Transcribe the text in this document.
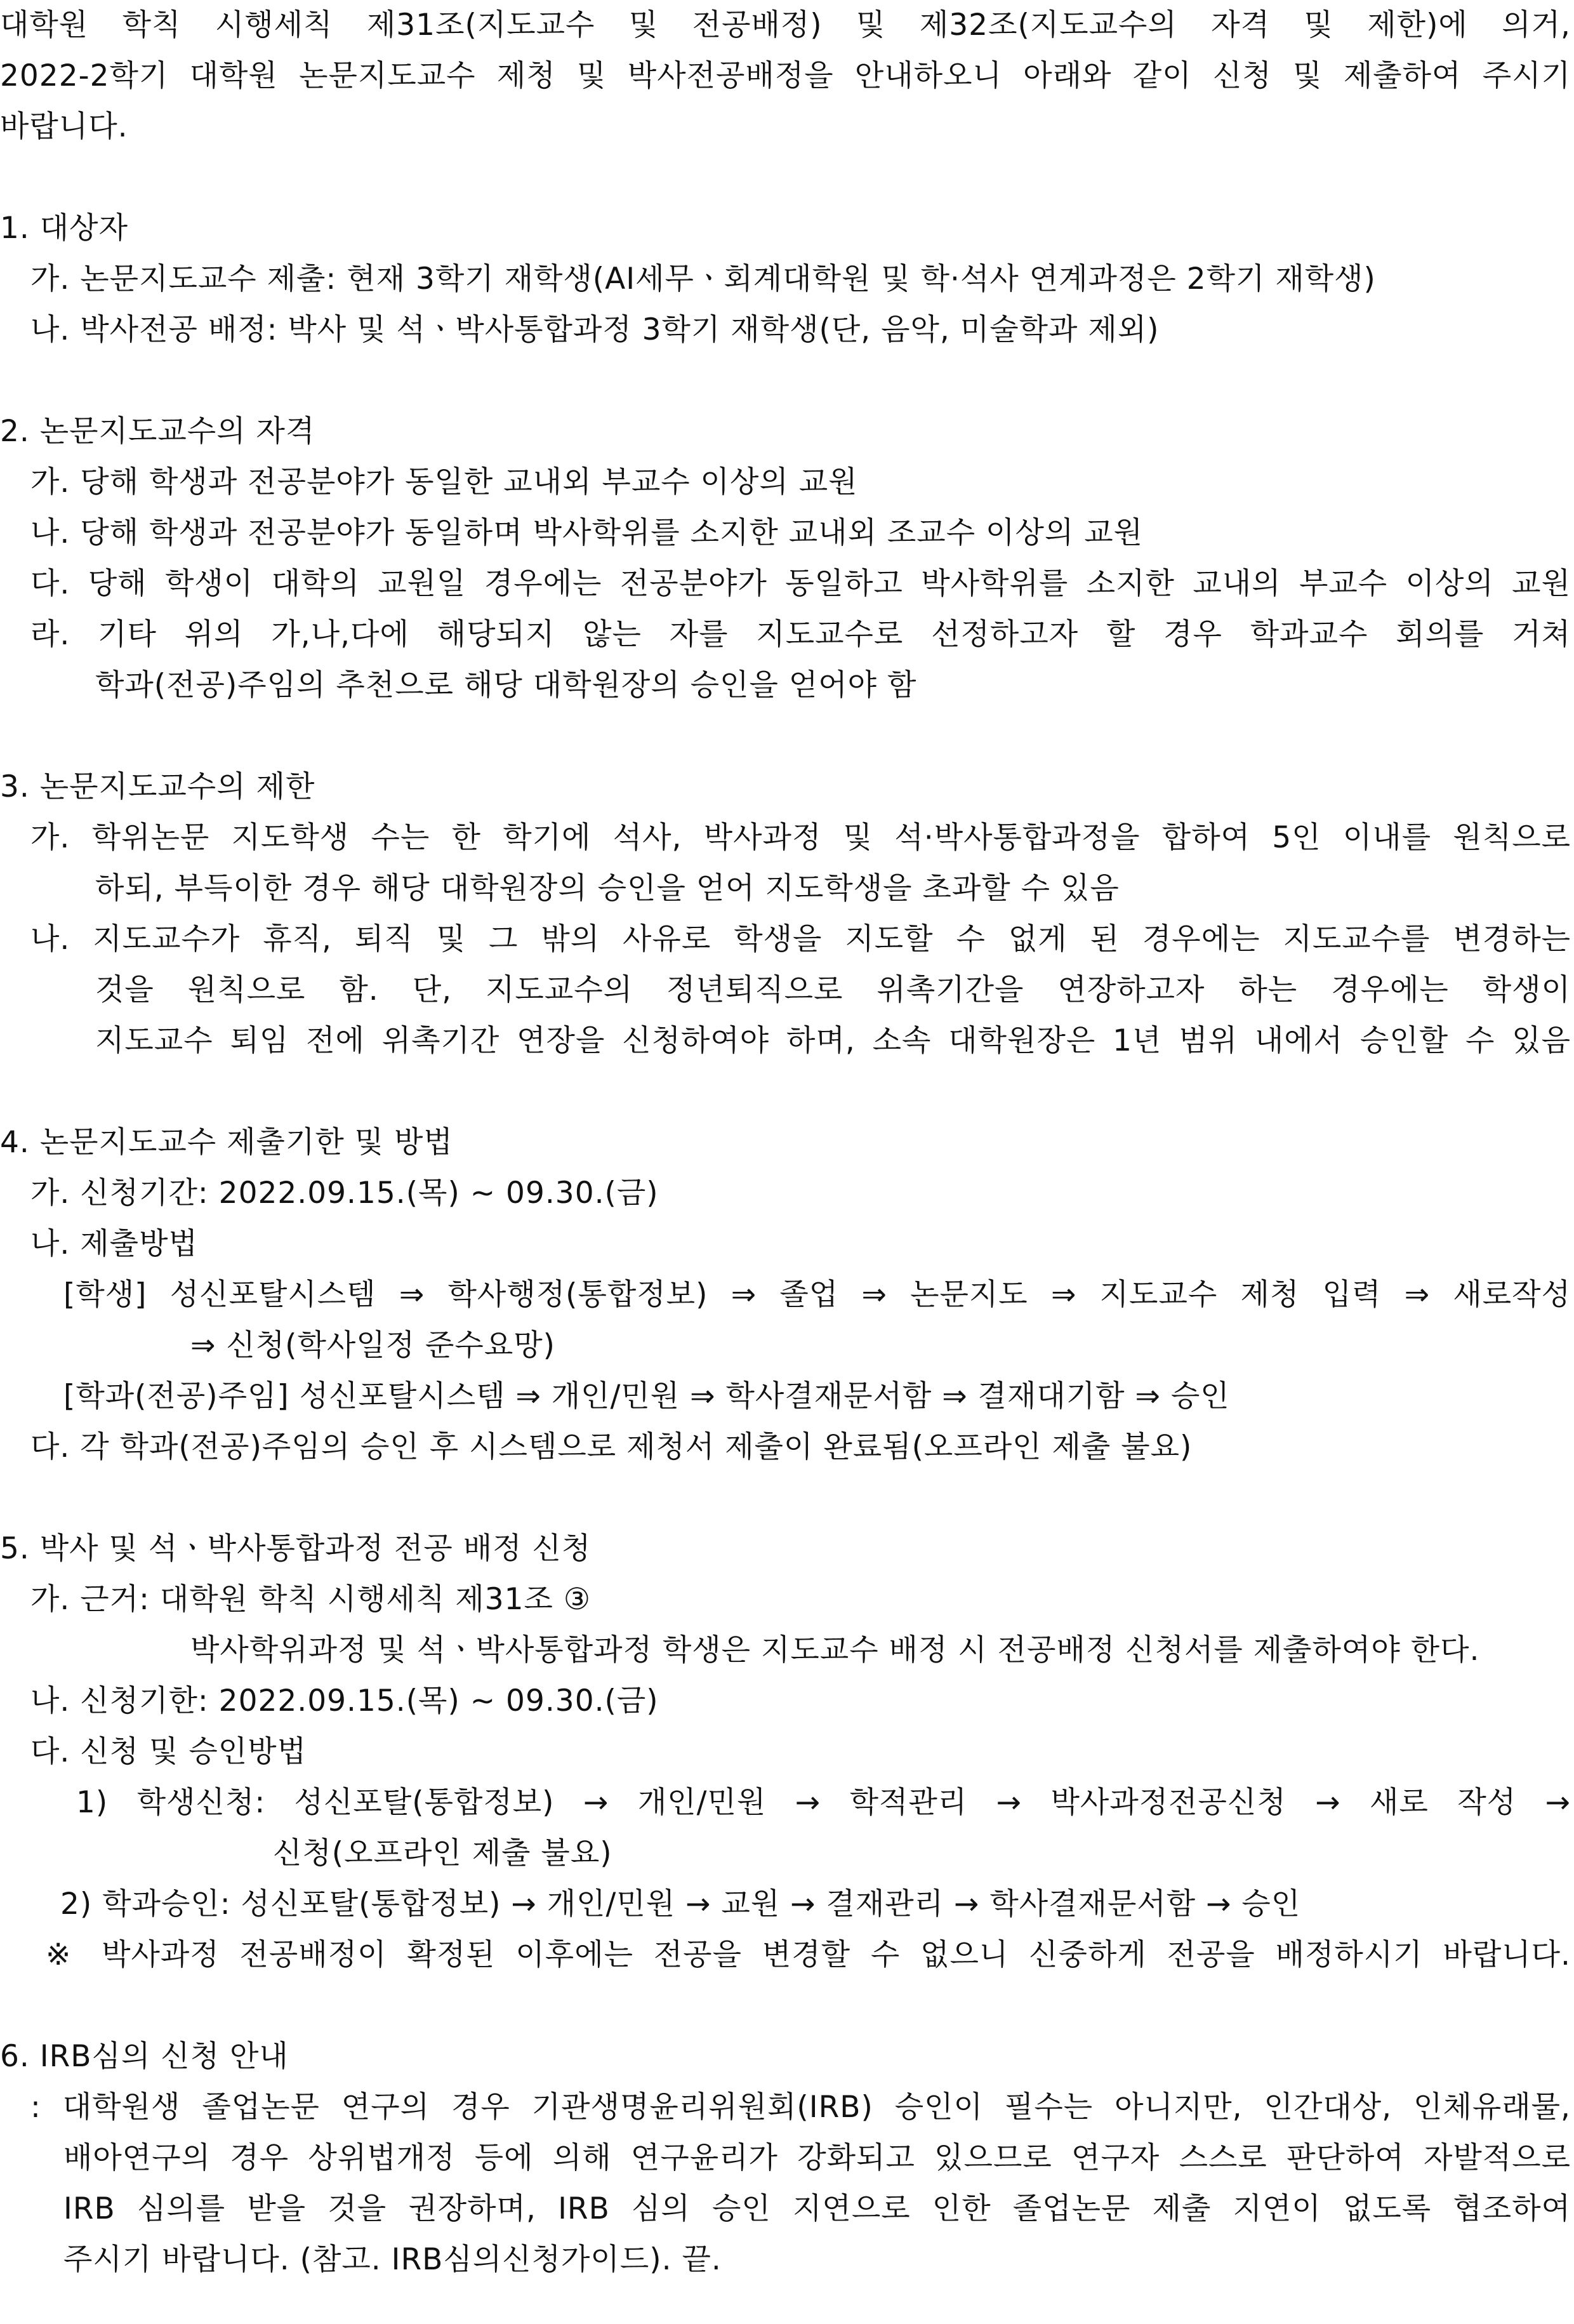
대학원 학칙 시행세칙 제31조(지도교수 및 전공배정) 및 제32조(지도교수의 자격 및 제한)에 의거,
2022-2학기 대학원 논문지도교수 제청 및 박사전공배정을 안내하오니 아래와 같이 신청 및 제출하여 주시기
바랍니다.
1. 대상자
가. 논문지도교수 제출: 현재 3학기 재학생(AI세무ㆍ회계대학원 및 학·석사 연계과정은 2학기 재학생)
나. 박사전공 배정: 박사 및 석ㆍ박사통합과정 3학기 재학생(단, 음악, 미술학과 제외)
2. 논문지도교수의 자격
가. 당해 학생과 전공분야가 동일한 교내외 부교수 이상의 교원
나. 당해 학생과 전공분야가 동일하며 박사학위를 소지한 교내외 조교수 이상의 교원
다. 당해 학생이 대학의 교원일 경우에는 전공분야가 동일하고 박사학위를 소지한 교내의 부교수 이상의 교원
라. 기타 위의 가,나,다에 해당되지 않는 자를 지도교수로 선정하고자 할 경우 학과교수 회의를 거쳐
학과(전공)주임의 추천으로 해당 대학원장의 승인을 얻어야 함
3. 논문지도교수의 제한
가. 학위논문 지도학생 수는 한 학기에 석사, 박사과정 및 석·박사통합과정을 합하여 5인 이내를 원칙으로
하되, 부득이한 경우 해당 대학원장의 승인을 얻어 지도학생을 초과할 수 있음
나. 지도교수가 휴직, 퇴직 및 그 밖의 사유로 학생을 지도할 수 없게 된 경우에는 지도교수를 변경하는
것을 원칙으로 함. 단, 지도교수의 정년퇴직으로 위촉기간을 연장하고자 하는 경우에는 학생이
지도교수 퇴임 전에 위촉기간 연장을 신청하여야 하며, 소속 대학원장은 1년 범위 내에서 승인할 수 있음
4. 논문지도교수 제출기한 및 방법
가. 신청기간: 2022.09.15.(목) ~ 09.30.(금)
나. 제출방법
[학생] 성신포탈시스템 ⇒ 학사행정(통합정보) ⇒ 졸업 ⇒ 논문지도 ⇒ 지도교수 제청 입력 ⇒ 새로작성
⇒ 신청(학사일정 준수요망)
[학과(전공)주임] 성신포탈시스템 ⇒ 개인/민원 ⇒ 학사결재문서함 ⇒ 결재대기함 ⇒ 승인
다. 각 학과(전공)주임의 승인 후 시스템으로 제청서 제출이 완료됨(오프라인 제출 불요)
5. 박사 및 석ㆍ박사통합과정 전공 배정 신청
가. 근거: 대학원 학칙 시행세칙 제31조 ③
박사학위과정 및 석ㆍ박사통합과정 학생은 지도교수 배정 시 전공배정 신청서를 제출하여야 한다.
나. 신청기한: 2022.09.15.(목) ~ 09.30.(금)
다. 신청 및 승인방법
1) 학생신청: 성신포탈(통합정보) → 개인/민원 → 학적관리 → 박사과정전공신청 → 새로 작성 →
신청(오프라인 제출 불요)
2) 학과승인: 성신포탈(통합정보) → 개인/민원 → 교원 → 결재관리 → 학사결재문서함 → 승인
※ 박사과정 전공배정이 확정된 이후에는 전공을 변경할 수 없으니 신중하게 전공을 배정하시기 바랍니다.
6. IRB심의 신청 안내
: 대학원생 졸업논문 연구의 경우 기관생명윤리위원회(IRB) 승인이 필수는 아니지만, 인간대상, 인체유래물,
배아연구의 경우 상위법개정 등에 의해 연구윤리가 강화되고 있으므로 연구자 스스로 판단하여 자발적으로
IRB 심의를 받을 것을 권장하며, IRB 심의 승인 지연으로 인한 졸업논문 제출 지연이 없도록 협조하여
주시기 바랍니다. (참고. IRB심의신청가이드). 끝.
